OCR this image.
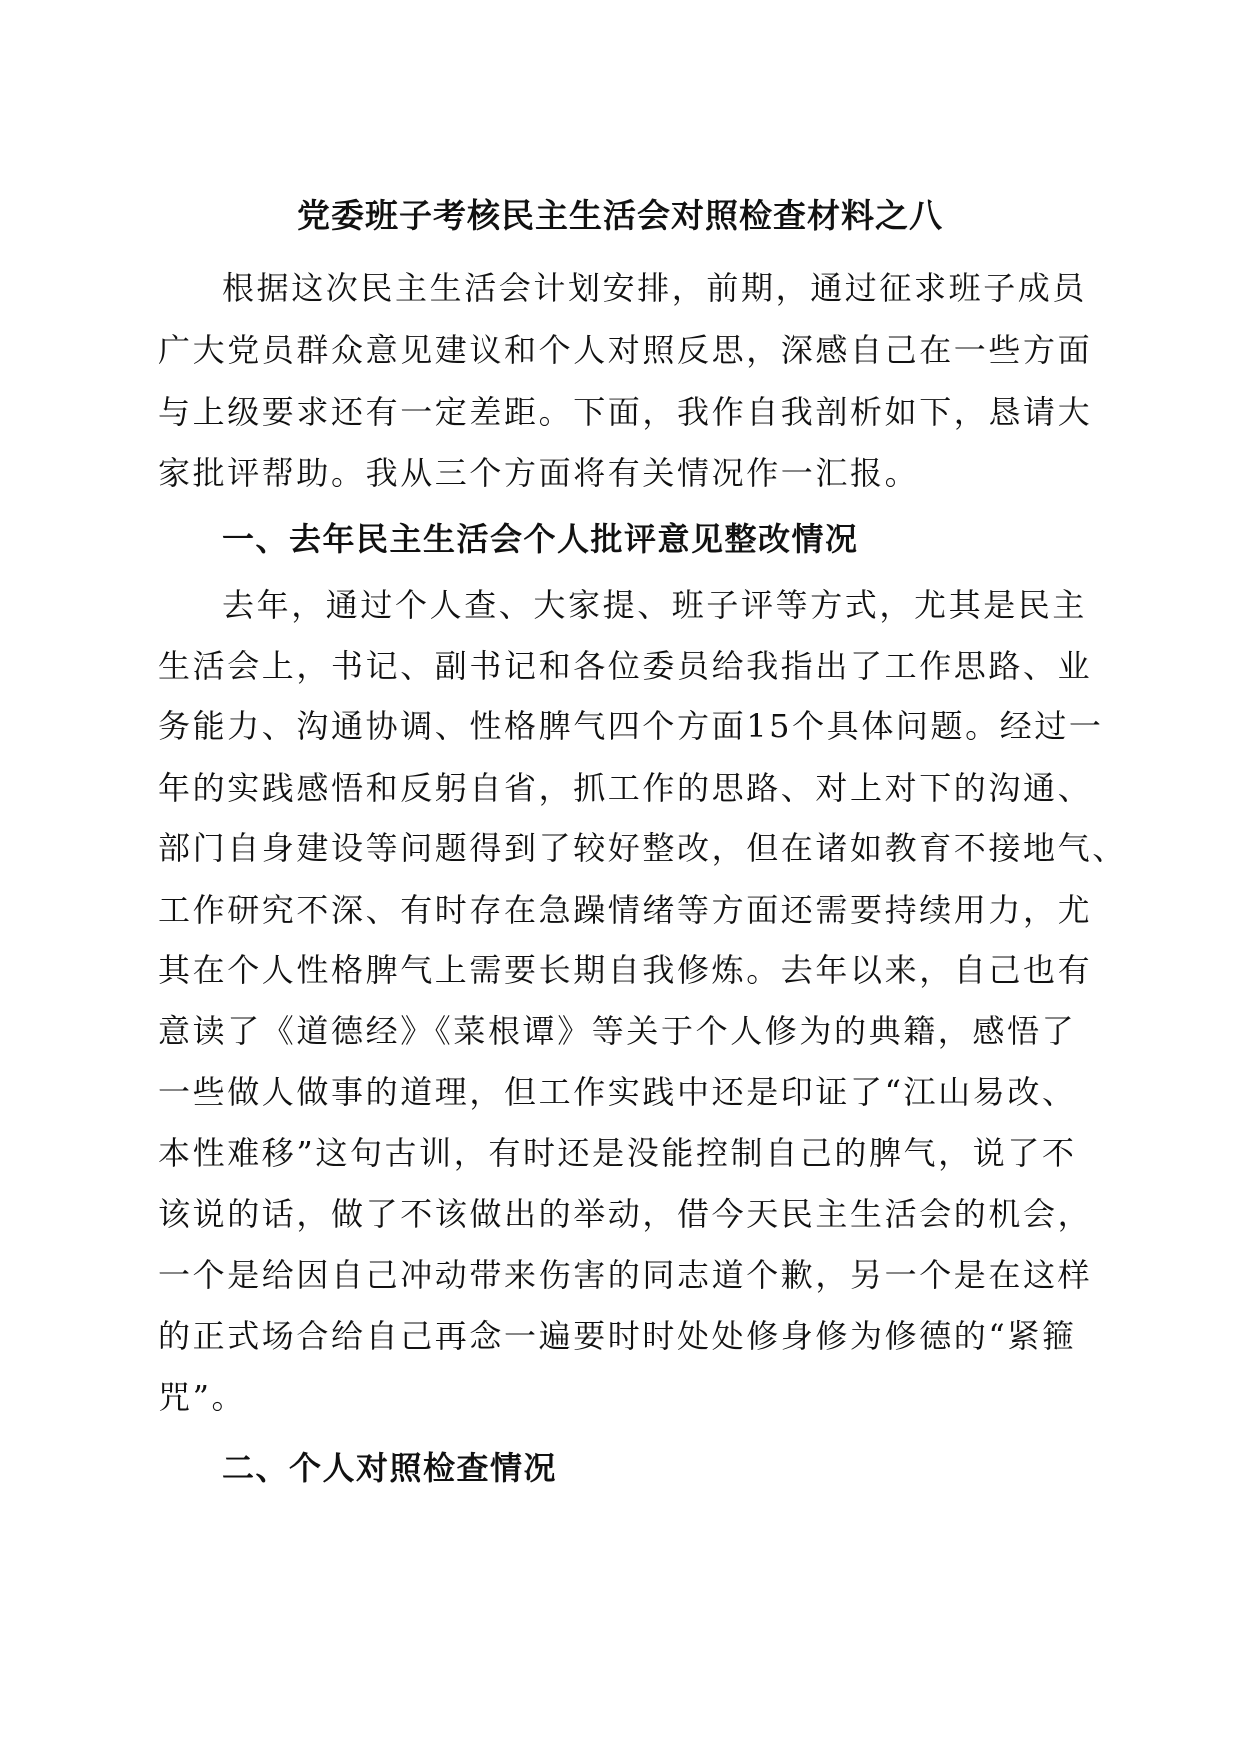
党委班子考核民主生活会对照检查材料之八
根据这次民主生活会计划安排，前期，通过征求班子成员
广大党员群众意见建议和个人对照反思，深感自己在一些方面
与上级要求还有一定差距。下面，我作自我剖析如下，恳请大
家批评帮助。我从三个方面将有关情况作一汇报。
一、去年民主生活会个人批评意见整改情况
去年，通过个人查、大家提、班子评等方式，尤其是民主
生活会上，书记、副书记和各位委员给我指出了工作思路、业
务能力、沟通协调、性格脾气四个方面15个具体问题。经过一
年的实践感悟和反躬自省，抓工作的思路、对上对下的沟通、
部门自身建设等问题得到了较好整改，但在诸如教育不接地气、
工作研究不深、有时存在急躁情绪等方面还需要持续用力，尤
其在个人性格脾气上需要长期自我修炼。去年以来，自己也有
意读了《道德经》《菜根谭》等关于个人修为的典籍，感悟了
一些做人做事的道理，但工作实践中还是印证了“江山易改、
本性难移”这句古训，有时还是没能控制自己的脾气，说了不
该说的话，做了不该做出的举动，借今天民主生活会的机会，
一个是给因自己冲动带来伤害的同志道个歉，另一个是在这样
的正式场合给自己再念一遍要时时处处修身修为修德的“紧箍
咒”。
二、个人对照检查情况
